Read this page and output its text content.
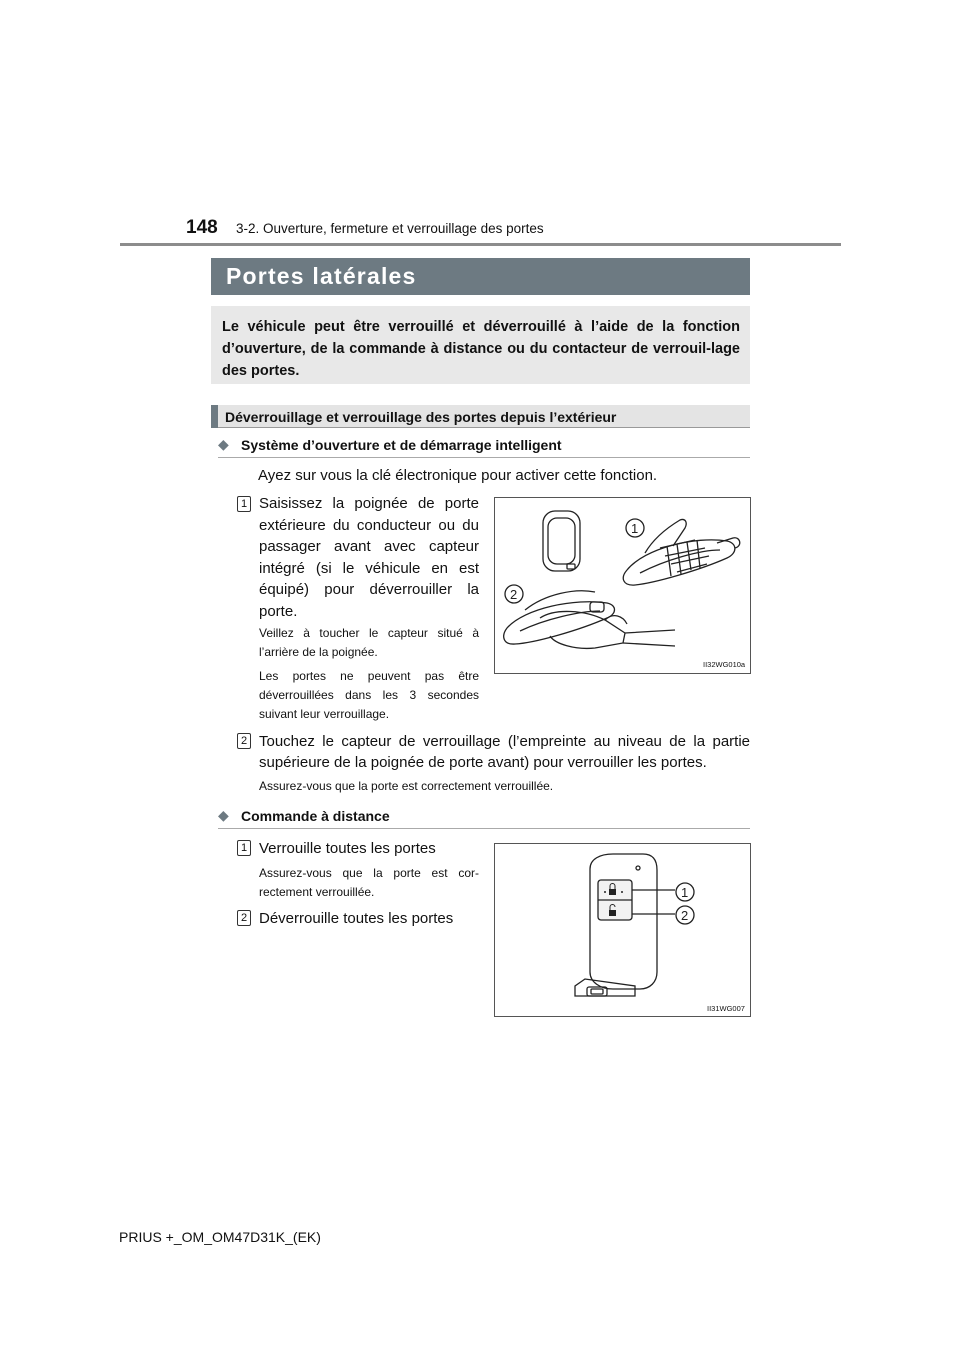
148 3-2. Ouverture, fermeture et verrouillage des portes
Portes latérales
Le véhicule peut être verrouillé et déverrouillé à l’aide de la fonction d’ouverture, de la commande à distance ou du contacteur de verrouil-lage des portes.
Déverrouillage et verrouillage des portes depuis l’extérieur
◆ Système d’ouverture et de démarrage intelligent
Ayez sur vous la clé électronique pour activer cette fonction.
1 Saisissez la poignée de porte extérieure du conducteur ou du passager avant avec capteur intégré (si le véhicule en est équipé) pour déverrouiller la porte.
Veillez à toucher le capteur situé à l’arrière de la poignée.
Les portes ne peuvent pas être déverrouillées dans les 3 secondes suivant leur verrouillage.
1
2
II32WG010a
2 Touchez le capteur de verrouillage (l’empreinte au niveau de la partie supérieure de la poignée de porte avant) pour verrouiller les portes.
Assurez-vous que la porte est correctement verrouillée.
◆ Commande à distance
1 Verrouille toutes les portes
Assurez-vous que la porte est cor-rectement verrouillée.
2 Déverrouille toutes les portes
1
2
II31WG007
PRIUS +_OM_OM47D31K_(EK)
